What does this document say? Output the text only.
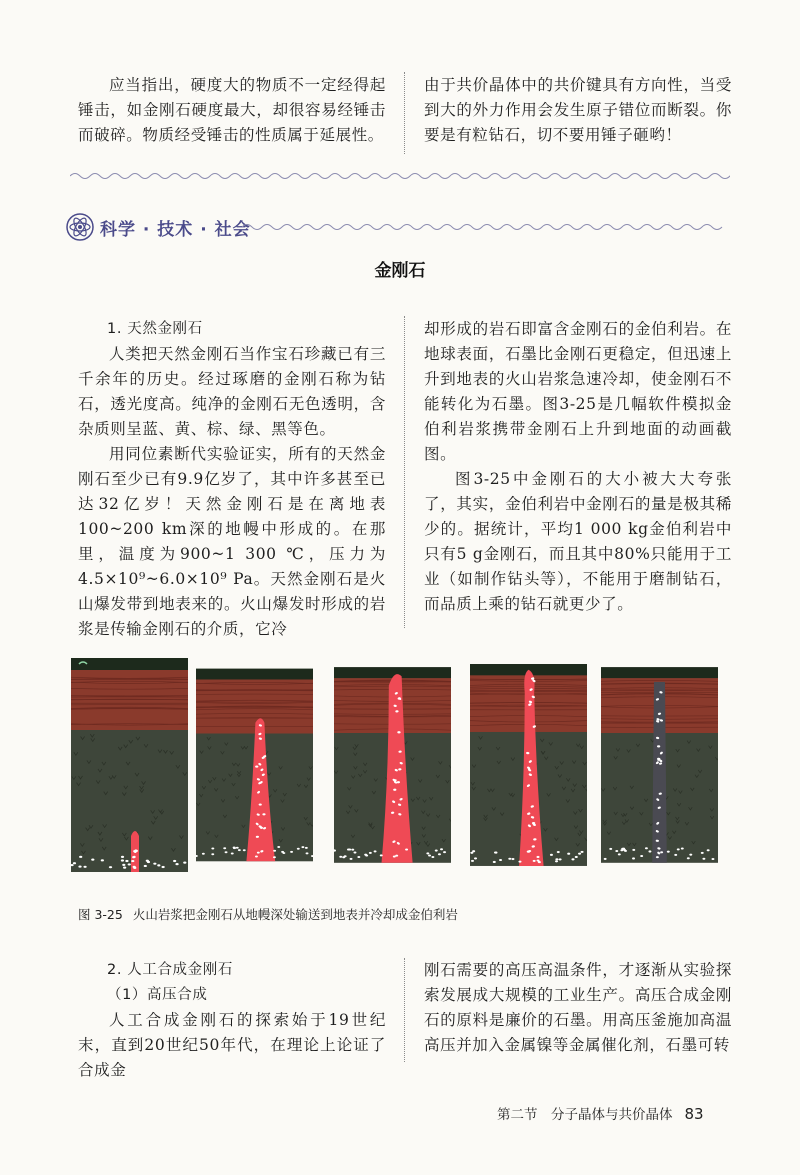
应当指出，硬度大的物质不一定经得起锤击，如金刚石硬度最大，却很容易经锤击而破碎。物质经受锤击的性质属于延展性。

由于共价晶体中的共价键具有方向性，当受到大的外力作用会发生原子错位而断裂。你要是有粒钻石，切不要用锤子砸哟！

科学 · 技术 · 社会
金刚石

1. 天然金刚石

人类把天然金刚石当作宝石珍藏已有三千余年的历史。经过琢磨的金刚石称为钻石，透光度高。纯净的金刚石无色透明，含杂质则呈蓝、黄、棕、绿、黑等色。

用同位素断代实验证实，所有的天然金刚石至少已有9.9亿岁了，其中许多甚至已达32亿岁！天然金刚石是在离地表100~200 km深的地幔中形成的。在那里，温度为900~1 300 ℃，压力为4.5×10⁹~6.0×10⁹ Pa。天然金刚石是火山爆发带到地表来的。火山爆发时形成的岩浆是传输金刚石的介质，它冷

却形成的岩石即富含金刚石的金伯利岩。在地球表面，石墨比金刚石更稳定，但迅速上升到地表的火山岩浆急速冷却，使金刚石不能转化为石墨。图3-25是几幅软件模拟金伯利岩浆携带金刚石上升到地面的动画截图。

图3-25中金刚石的大小被大大夸张了，其实，金伯利岩中金刚石的量是极其稀少的。据统计，平均1 000 kg金伯利岩中只有5 g金刚石，而且其中80%只能用于工业（如制作钻头等），不能用于磨制钻石，而品质上乘的钻石就更少了。

图 3-25 火山岩浆把金刚石从地幔深处输送到地表并冷却成金伯利岩

2. 人工合成金刚石

（1）高压合成

人工合成金刚石的探索始于19世纪末，直到20世纪50年代，在理论上论证了合成金

刚石需要的高压高温条件，才逐渐从实验探索发展成大规模的工业生产。高压合成金刚石的原料是廉价的石墨。用高压釜施加高温高压并加入金属镍等金属催化剂，石墨可转

第二节　分子晶体与共价晶体 83
